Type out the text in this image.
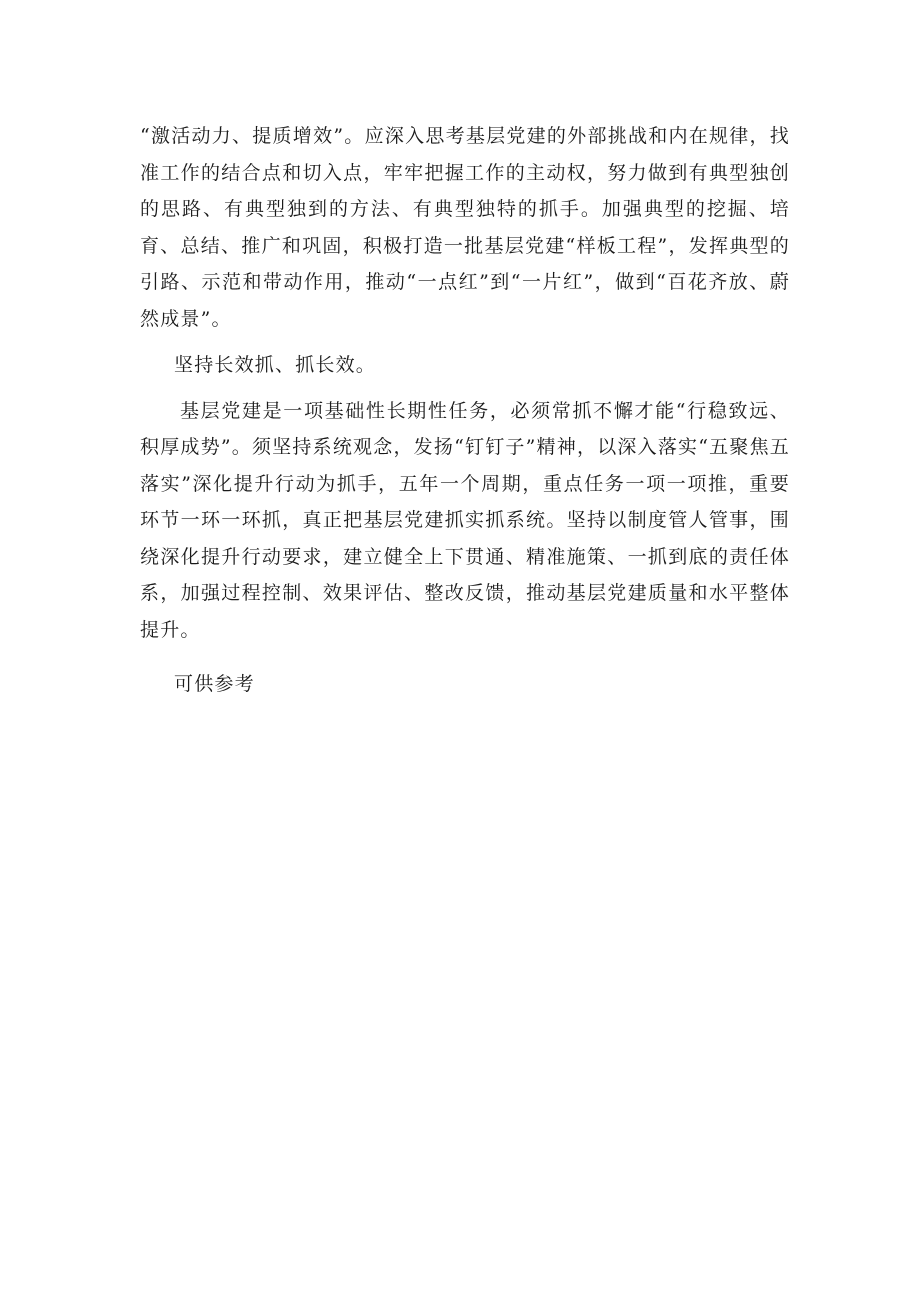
“激活动力、提质增效”。应深入思考基层党建的外部挑战和内在规律，找准工作的结合点和切入点，牢牢把握工作的主动权，努力做到有典型独创的思路、有典型独到的方法、有典型独特的抓手。加强典型的挖掘、培育、总结、推广和巩固，积极打造一批基层党建“样板工程”，发挥典型的引路、示范和带动作用，推动“一点红”到“一片红”，做到“百花齐放、蔚然成景”。

坚持长效抓、抓长效。

基层党建是一项基础性长期性任务，必须常抓不懈才能“行稳致远、积厚成势”。须坚持系统观念，发扬“钉钉子”精神，以深入落实“五聚焦五落实”深化提升行动为抓手，五年一个周期，重点任务一项一项推，重要环节一环一环抓，真正把基层党建抓实抓系统。坚持以制度管人管事，围绕深化提升行动要求，建立健全上下贯通、精准施策、一抓到底的责任体系，加强过程控制、效果评估、整改反馈，推动基层党建质量和水平整体提升。

可供参考
